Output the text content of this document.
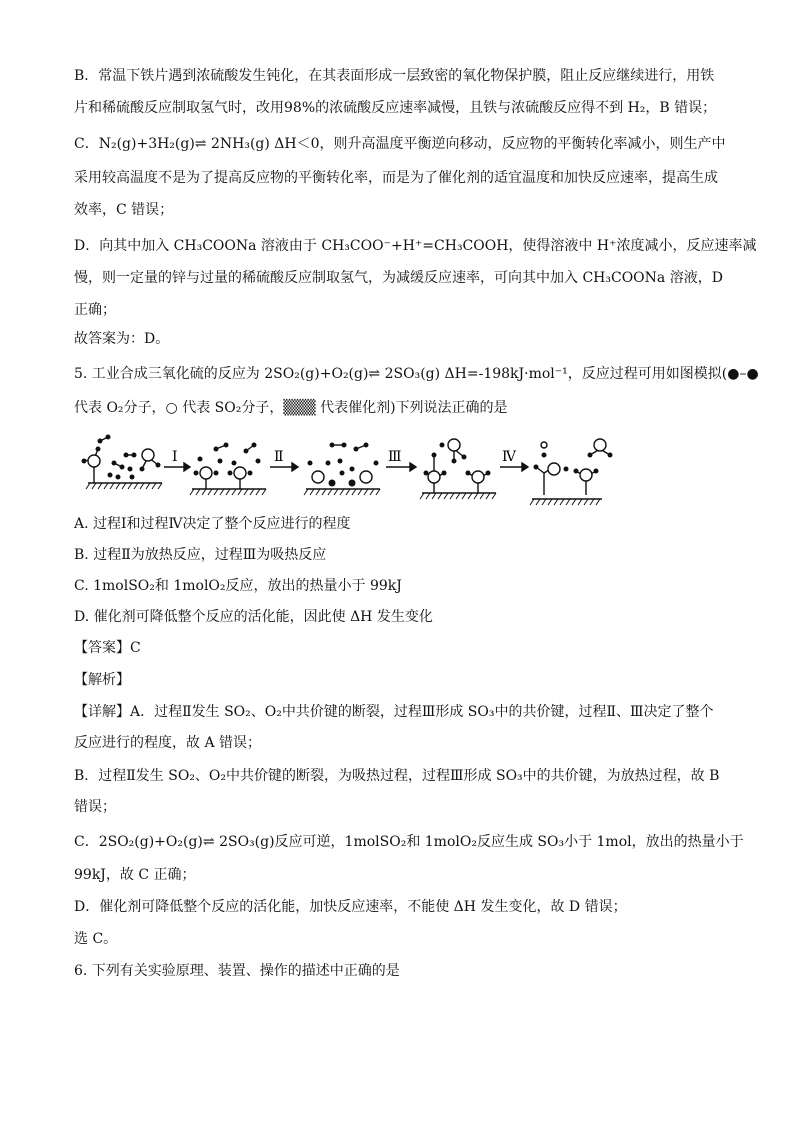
B．常温下铁片遇到浓硫酸发生钝化，在其表面形成一层致密的氧化物保护膜，阻止反应继续进行，用铁
片和稀硫酸反应制取氢气时，改用98%的浓硫酸反应速率减慢，且铁与浓硫酸反应得不到 H₂，B 错误；
C．N₂(g)+3H₂(g)⇌ 2NH₃(g) ΔH＜0，则升高温度平衡逆向移动，反应物的平衡转化率减小，则生产中
采用较高温度不是为了提高反应物的平衡转化率，而是为了催化剂的适宜温度和加快反应速率，提高生成
效率，C 错误；
D．向其中加入 CH₃COONa 溶液由于 CH₃COO⁻+H⁺=CH₃COOH，使得溶液中 H⁺浓度减小，反应速率减
慢，则一定量的锌与过量的稀硫酸反应制取氢气，为减缓反应速率，可向其中加入 CH₃COONa 溶液，D
正确；
故答案为：D。
5. 工业合成三氧化硫的反应为 2SO₂(g)+O₂(g)⇌ 2SO₃(g) ΔH=-198kJ·mol⁻¹，反应过程可用如图模拟(●–●
代表 O₂分子，○ 代表 SO₂分子，▒▒▒ 代表催化剂)下列说法正确的是
Ⅰ	Ⅱ	Ⅲ	Ⅳ
A. 过程Ⅰ和过程Ⅳ决定了整个反应进行的程度
B. 过程Ⅱ为放热反应，过程Ⅲ为吸热反应
C. 1molSO₂和 1molO₂反应，放出的热量小于 99kJ
D. 催化剂可降低整个反应的活化能，因此使 ΔH 发生变化
【答案】C
【解析】
【详解】A．过程Ⅱ发生 SO₂、O₂中共价键的断裂，过程Ⅲ形成 SO₃中的共价键，过程Ⅱ、Ⅲ决定了整个
反应进行的程度，故 A 错误；
B．过程Ⅱ发生 SO₂、O₂中共价键的断裂，为吸热过程，过程Ⅲ形成 SO₃中的共价键，为放热过程，故 B
错误；
C．2SO₂(g)+O₂(g)⇌ 2SO₃(g)反应可逆，1molSO₂和 1molO₂反应生成 SO₃小于 1mol，放出的热量小于
99kJ，故 C 正确；
D．催化剂可降低整个反应的活化能，加快反应速率，不能使 ΔH 发生变化，故 D 错误；
选 C。
6. 下列有关实验原理、装置、操作的描述中正确的是
